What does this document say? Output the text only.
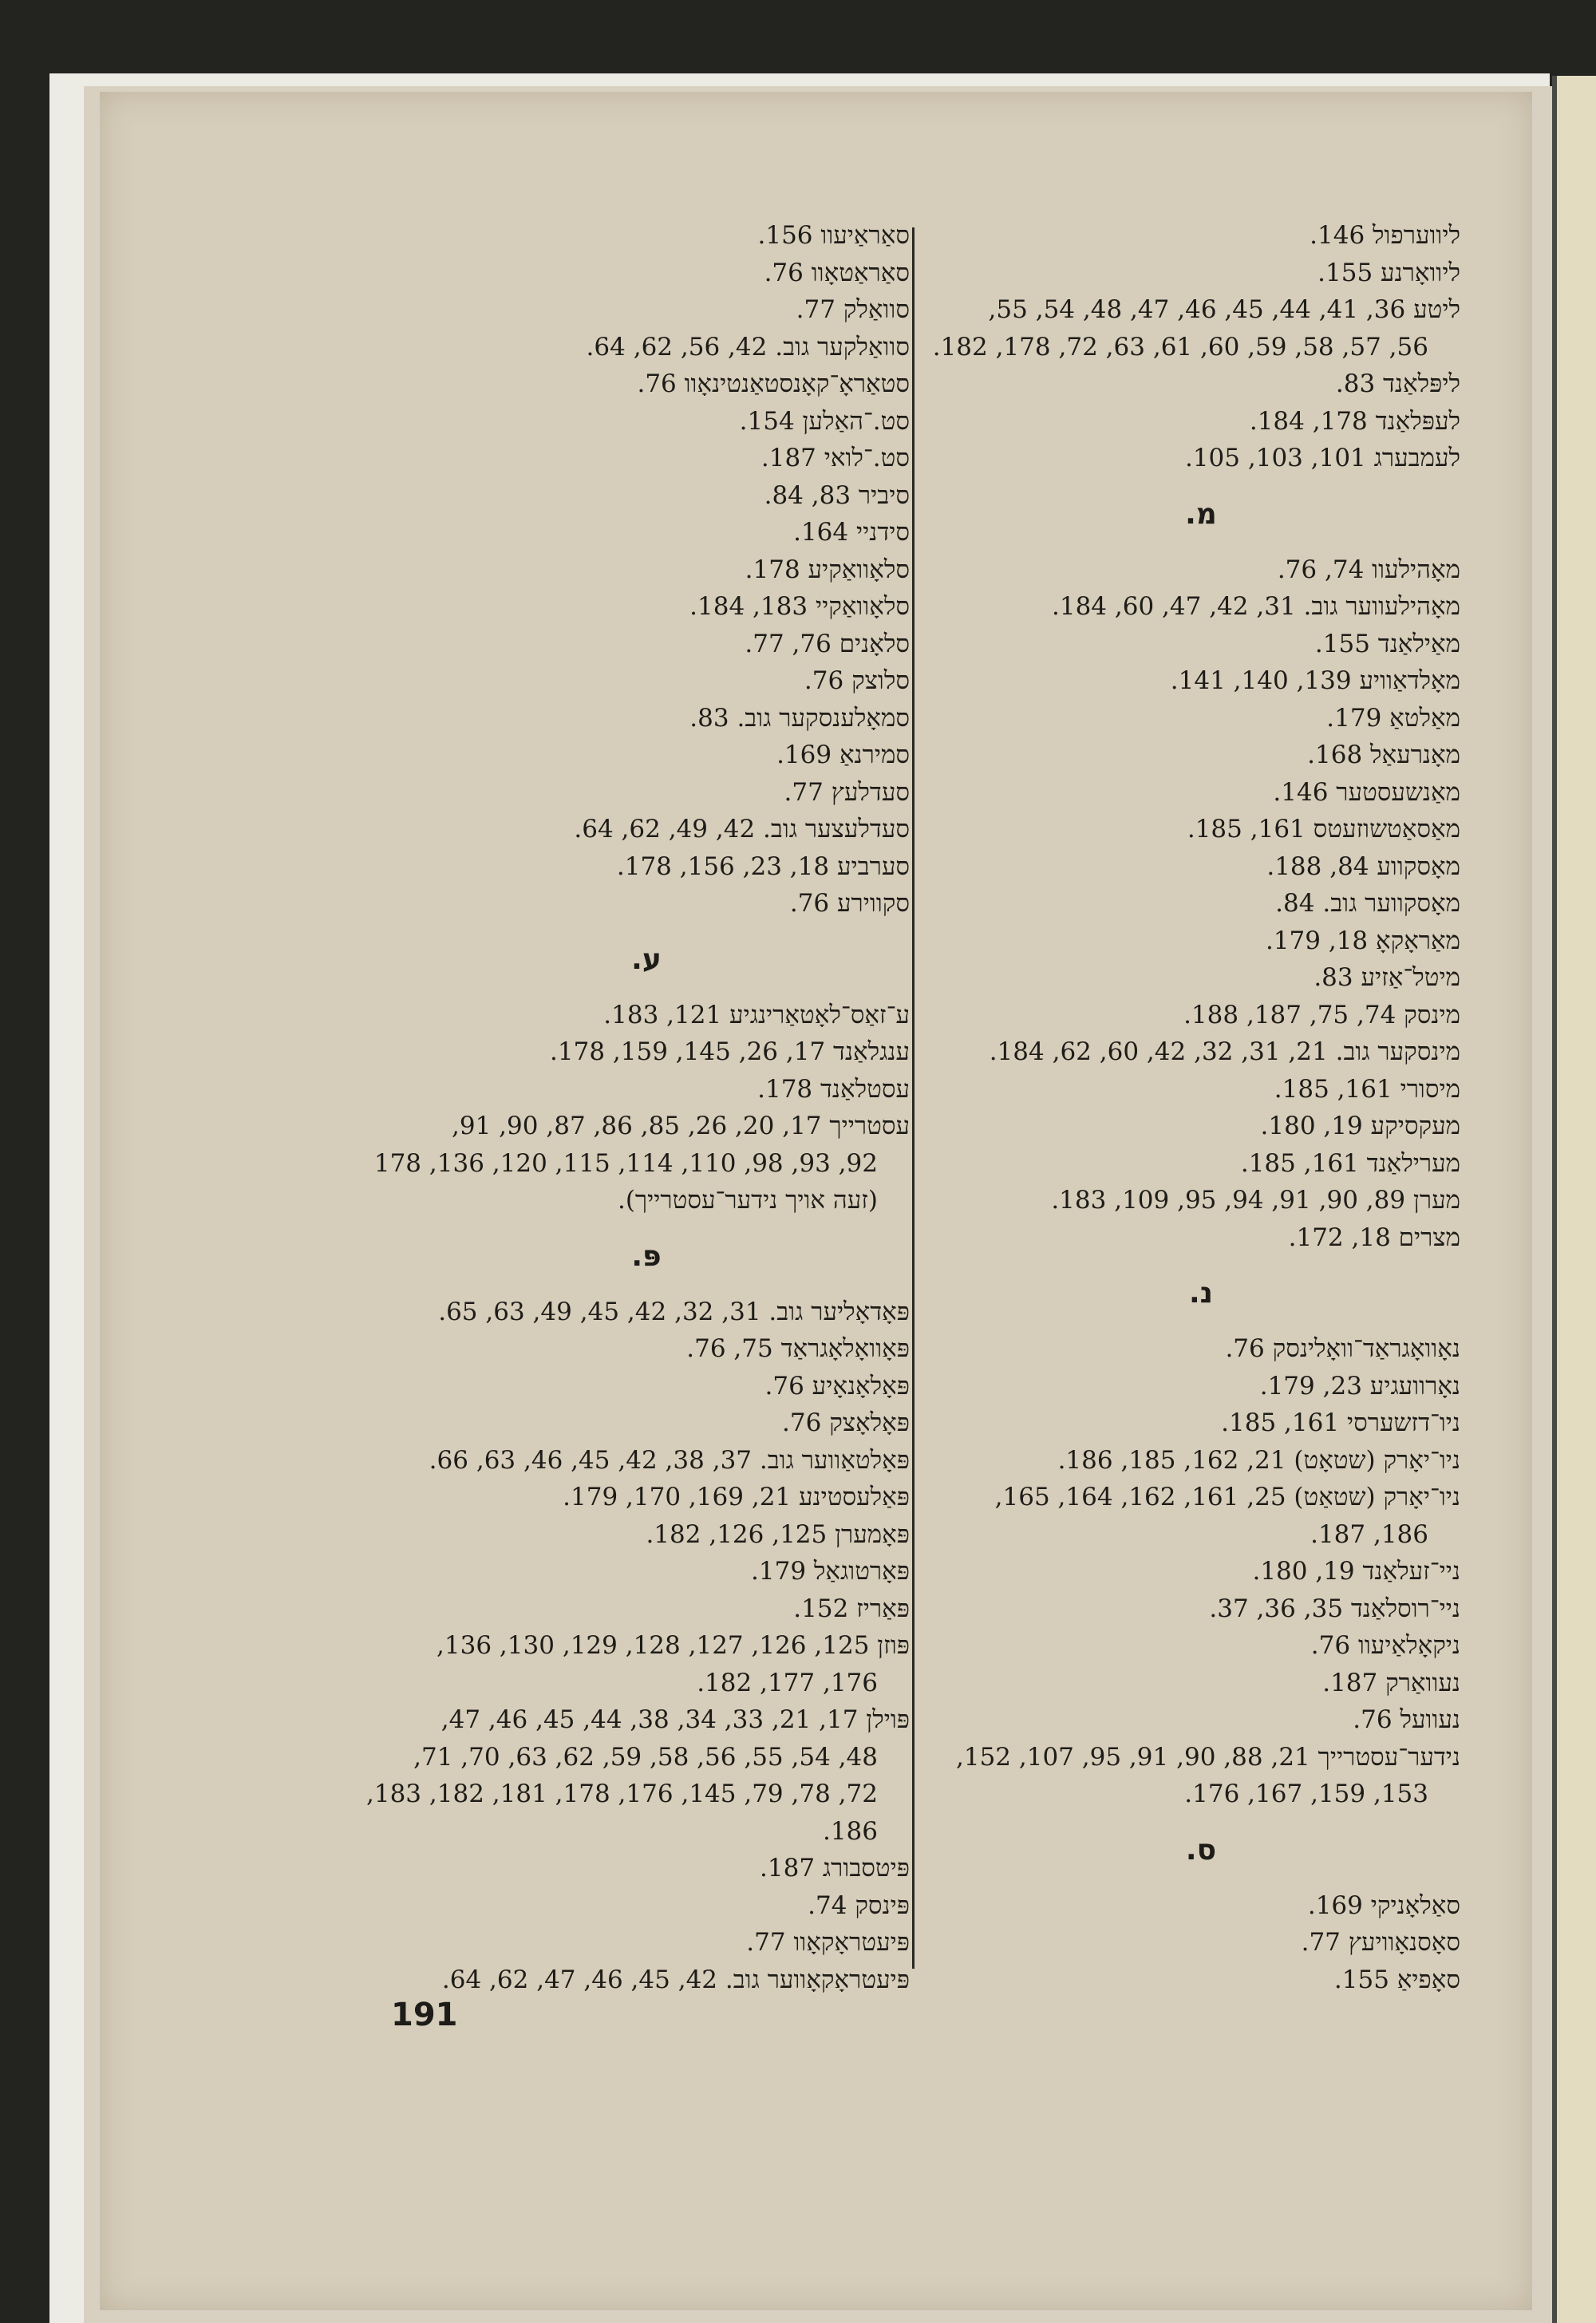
ליווערפול 146.
ליוואָרנע 155.
ליטע 36, 41, 44, 45, 46, 47, 48, 54, 55,
56, 57, 58, 59, 60, 61, 63, 72, 178, 182.
ליפּלאַנד 83.
לעפּלאַנד 178, 184.
לעמבערג 101, 103, 105.
מ.
מאָהילעוו 74, 76.
מאָהילעווער גוב. 31, 42, 47, 60, 184.
מאַילאַנד 155.
מאָלדאַוויע 139, 140, 141.
מאַלטאַ 179.
מאָנרעאַל 168.
מאַנשעסטער 146.
מאַסאַטשוזעטס 161, 185.
מאָסקווע 84, 188.
מאָסקווער גוב. 84.
מאַראָקאָ 18, 179.
מיטל־אַזיע 83.
מינסק 74, 75, 187, 188.
מינסקער גוב. 21, 31, 32, 42, 60, 62, 184.
מיסורי 161, 185.
מעקסיקע 19, 180.
מערילאַנד 161, 185.
מערן 89, 90, 91, 94, 95, 109, 183.
מצרים 18, 172.
נ.
נאָוואָגראַד־וואָלינסק 76.
נאָרוועגיע 23, 179.
ניו־דזשערסי 161, 185.
ניו־יאָרק (שטאָט) 21, 162, 185, 186.
ניו־יאָרק (שטאַט) 25, 161, 162, 164, 165,
186, 187.
ניי־זעלאַנד 19, 180.
ניי־רוסלאַנד 35, 36, 37.
ניקאָלאַיעוו 76.
נעוואַרק 187.
נעוועל 76.
נידער־עסטרייך 21, 88, 90, 91, 95, 107, 152,
153, 159, 167, 176.
ס.
סאַלאָניקי 169.
סאָסנאָוויעץ 77.
סאָפיאַ 155.
סאַראַיעוו 156.
סאַראַטאָוו 76.
סוואַלק 77.
סוואַלקער גוב. 42, 56, 62, 64.
סטאַראָ־קאָנסטאַנטינאָוו 76.
סט.־האַלען 154.
סט.־לואי 187.
סיביר 83, 84.
סידניי 164.
סלאָוואַקיע 178.
סלאָוואַקיי 183, 184.
סלאָנים 76, 77.
סלוצק 76.
סמאָלענסקער גוב. 83.
סמירנאַ 169.
סעדלעץ 77.
סעדלעצער גוב. 42, 49, 62, 64.
סערביע 18, 23, 156, 178.
סקווירע 76.
ע.
ע־זאַס־לאָטאַרינגיע 121, 183.
ענגלאַנד 17, 26, 145, 159, 178.
עסטלאַנד 178.
עסטרייך 17, 20, 26, 85, 86, 87, 90, 91,
92, 93, 98, 110, 114, 115, 120, 136, 178
(זעה אויך נידער־עסטרייך).
פּ.
פּאָדאָליער גוב. 31, 32, 42, 45, 49, 63, 65.
פּאָוואָלאָגראַד 75, 76.
פּאָלאָנאָיע 76.
פּאָלאָצק 76.
פּאָלטאַווער גוב. 37, 38, 42, 45, 46, 63, 66.
פּאַלעסטינע 21, 169, 170, 179.
פּאָמערן 125, 126, 182.
פּאָרטוגאַל 179.
פּאַריז 152.
פּוזן 125, 126, 127, 128, 129, 130, 136,
176, 177, 182.
פּוילן 17, 21, 33, 34, 38, 44, 45, 46, 47,
48, 54, 55, 56, 58, 59, 62, 63, 70, 71,
72, 78, 79, 145, 176, 178, 181, 182, 183,
186.
פּיטסבורג 187.
פּינסק 74.
פּיעטראָקאָוו 77.
פּיעטראָקאָווער גוב. 42, 45, 46, 47, 62, 64.
191
